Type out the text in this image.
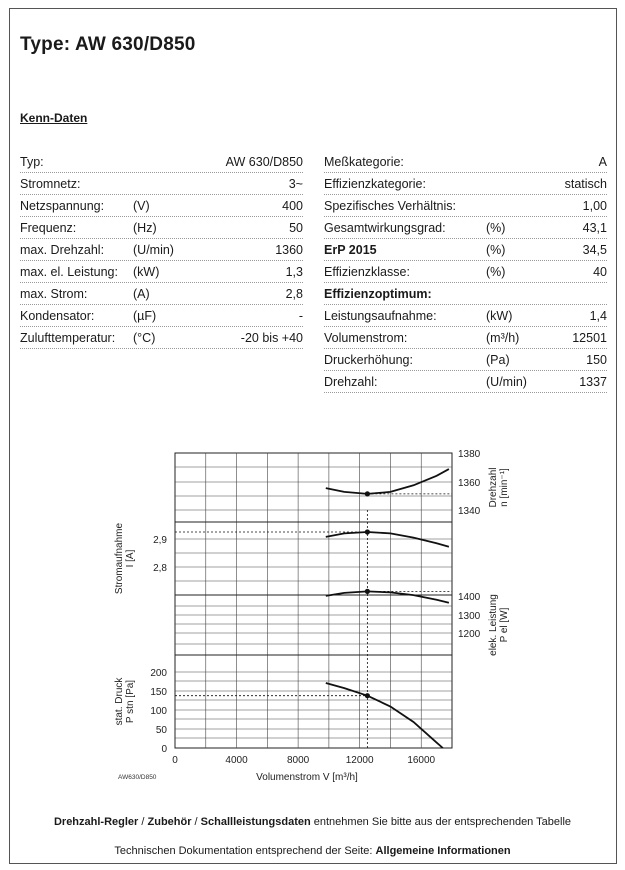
Type: AW 630/D850
Kenn-Daten
Typ:	AW 630/D850
Stromnetz:	3~
Netzspannung: (V)	400
Frequenz:	(Hz)	50
max. Drehzahl: (U/min)	1360
max. el. Leistung: (kW)	1,3
max. Strom:	(A)	2,8
Kondensator:	(µF)	-
Zulufttemperatur: (°C)	-20 bis +40
Meßkategorie:	A
Effizienzkategorie:	statisch
Spezifisches Verhältnis:	1,00
Gesamtwirkungsgrad:	(%)	43,1
ErP 2015	(%)	34,5
Effizienzklasse:	(%)	40
Effizienzoptimum:
Leistungsaufnahme:	(kW)	1,4
Volumenstrom:	(m³/h)	12501
Druckerhöhung:	(Pa)	150
Drehzahl:	(U/min)	1337
1380
1360
1340
Drehzahl n [min⁻¹]
2,9
2,8
Stromaufnahme I [A]
1400
1300
1200 elek. Leistung P el [W]
200
150
100
50
0
stat. Druck P stn [Pa]
0	4000	8000	12000	16000
Volumenstrom V [m³/h]
AW630/D850
Drehzahl-Regler / Zubehör / Schallleistungsdaten entnehmen Sie bitte aus der entsprechenden Tabelle
Technischen Dokumentation entsprechend der Seite: Allgemeine Informationen
